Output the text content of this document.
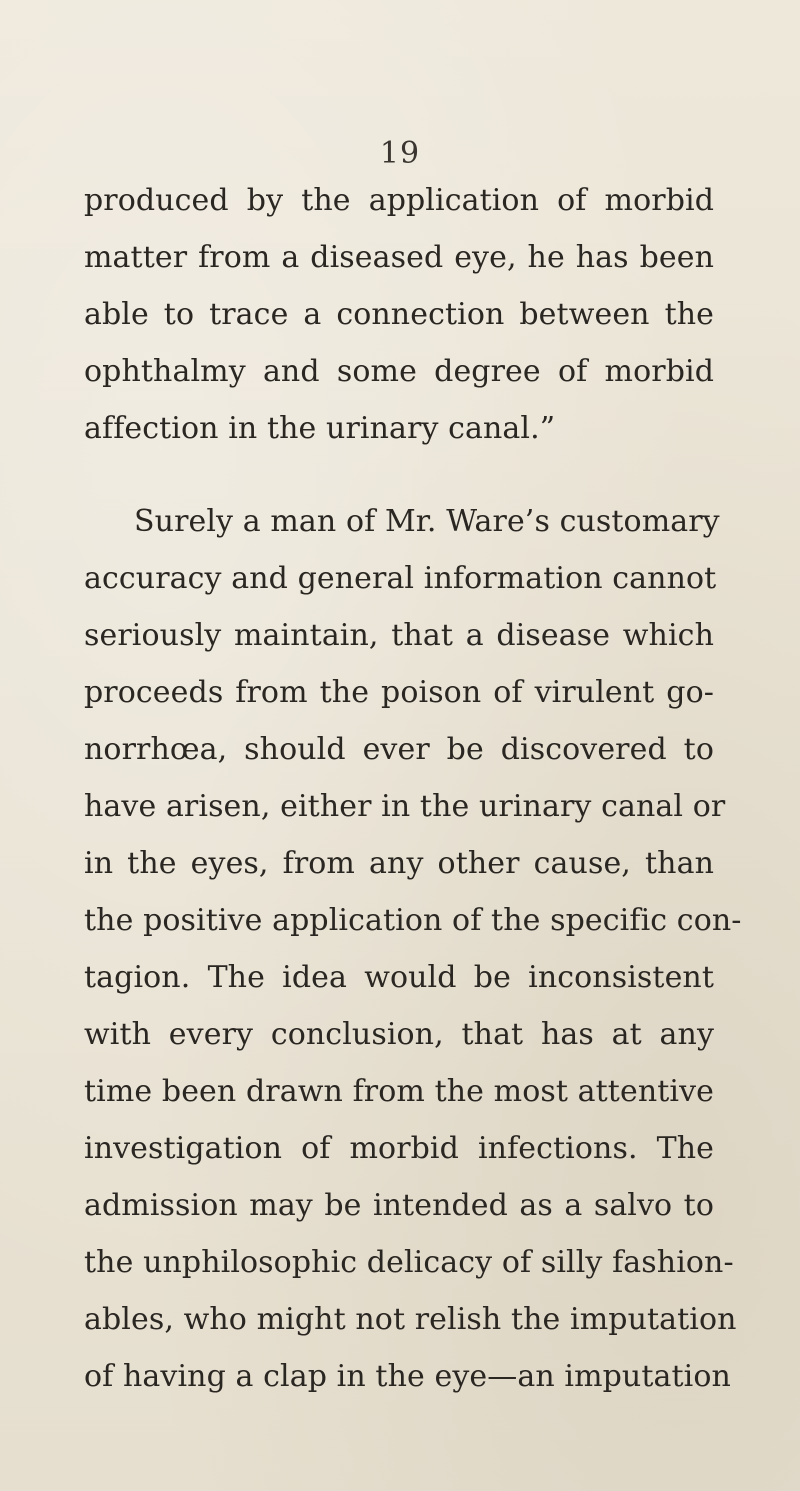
19
produced by the application of morbid
matter from a diseased eye, he has been
able to trace a connection between the
ophthalmy and some degree of morbid
affection in the urinary canal.”
Surely a man of Mr. Ware’s customary
accuracy and general information cannot
seriously maintain, that a disease which
proceeds from the poison of virulent go-
norrhœa, should ever be discovered to
have arisen, either in the urinary canal or
in the eyes, from any other cause, than
the positive application of the specific con-
tagion. The idea would be inconsistent
with every conclusion, that has at any
time been drawn from the most attentive
investigation of morbid infections. The
admission may be intended as a salvo to
the unphilosophic delicacy of silly fashion-
ables, who might not relish the imputation
of having a clap in the eye—an imputation
